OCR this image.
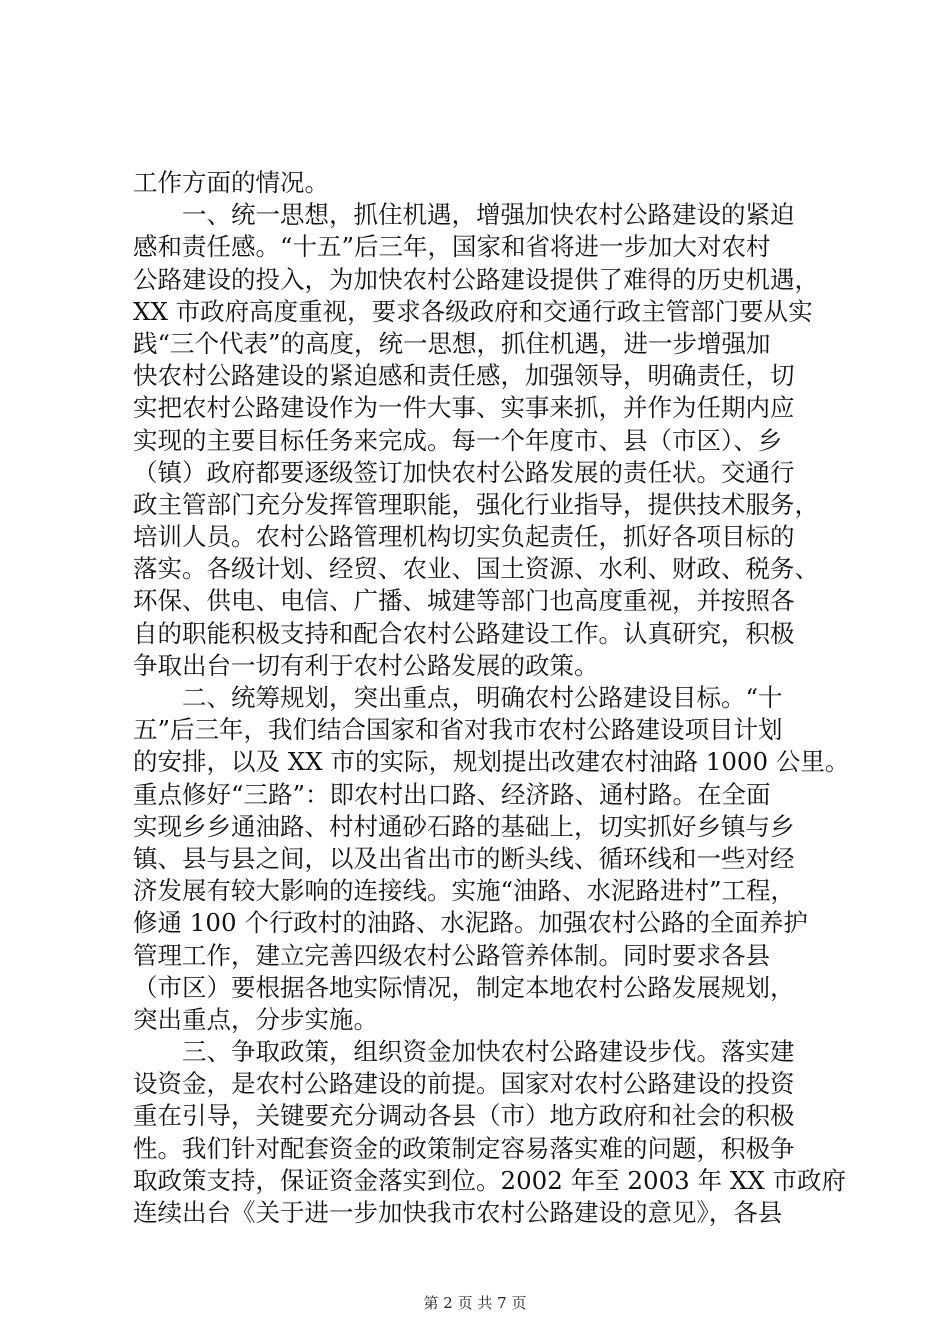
工作方面的情况。
一、统一思想，抓住机遇，增强加快农村公路建设的紧迫
感和责任感。“十五”后三年，国家和省将进一步加大对农村
公路建设的投入，为加快农村公路建设提供了难得的历史机遇，
XX 市政府高度重视，要求各级政府和交通行政主管部门要从实
践“三个代表”的高度，统一思想，抓住机遇，进一步增强加
快农村公路建设的紧迫感和责任感，加强领导，明确责任，切
实把农村公路建设作为一件大事、实事来抓，并作为任期内应
实现的主要目标任务来完成。每一个年度市、县（市区）、乡
（镇）政府都要逐级签订加快农村公路发展的责任状。交通行
政主管部门充分发挥管理职能，强化行业指导，提供技术服务，
培训人员。农村公路管理机构切实负起责任，抓好各项目标的
落实。各级计划、经贸、农业、国土资源、水利、财政、税务、
环保、供电、电信、广播、城建等部门也高度重视，并按照各
自的职能积极支持和配合农村公路建设工作。认真研究，积极
争取出台一切有利于农村公路发展的政策。
二、统筹规划，突出重点，明确农村公路建设目标。“十
五”后三年，我们结合国家和省对我市农村公路建设项目计划
的安排，以及 XX 市的实际，规划提出改建农村油路 1000 公里。
重点修好“三路”：即农村出口路、经济路、通村路。在全面
实现乡乡通油路、村村通砂石路的基础上，切实抓好乡镇与乡
镇、县与县之间，以及出省出市的断头线、循环线和一些对经
济发展有较大影响的连接线。实施“油路、水泥路进村”工程，
修通 100 个行政村的油路、水泥路。加强农村公路的全面养护
管理工作，建立完善四级农村公路管养体制。同时要求各县
（市区）要根据各地实际情况，制定本地农村公路发展规划，
突出重点，分步实施。
三、争取政策，组织资金加快农村公路建设步伐。落实建
设资金，是农村公路建设的前提。国家对农村公路建设的投资
重在引导，关键要充分调动各县（市）地方政府和社会的积极
性。我们针对配套资金的政策制定容易落实难的问题，积极争
取政策支持，保证资金落实到位。2002 年至 2003 年 XX 市政府
连续出台《关于进一步加快我市农村公路建设的意见》，各县
第 2 页 共 7 页
